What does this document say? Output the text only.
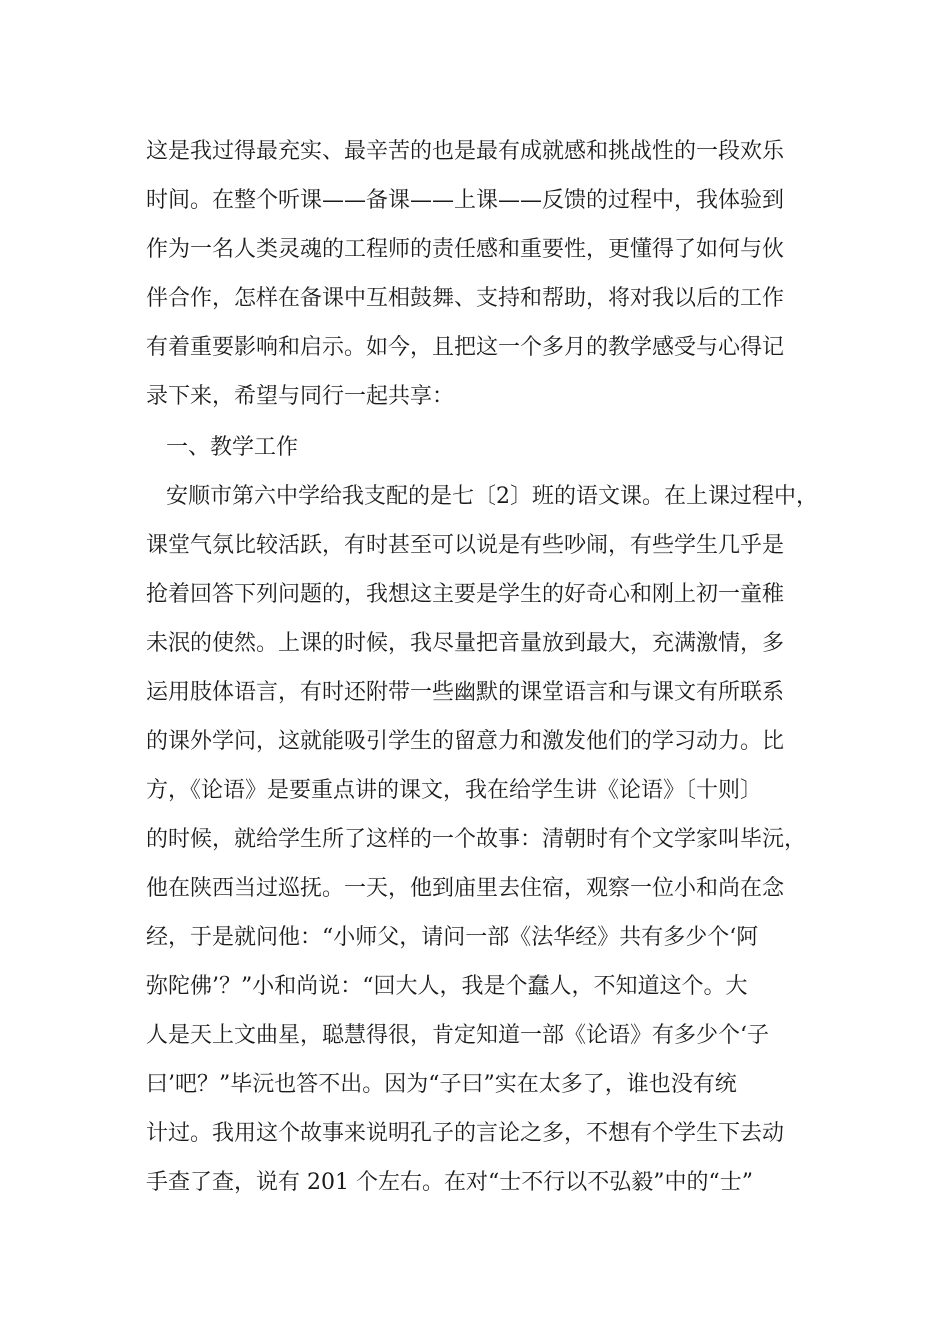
这是我过得最充实、最辛苦的也是最有成就感和挑战性的一段欢乐

时间。在整个听课——备课——上课——反馈的过程中，我体验到

作为一名人类灵魂的工程师的责任感和重要性，更懂得了如何与伙

伴合作，怎样在备课中互相鼓舞、支持和帮助，将对我以后的工作

有着重要影响和启示。如今，且把这一个多月的教学感受与心得记

录下来，希望与同行一起共享：

一、教学工作

安顺市第六中学给我支配的是七〔2〕班的语文课。在上课过程中，

课堂气氛比较活跃，有时甚至可以说是有些吵闹，有些学生几乎是

抢着回答下列问题的，我想这主要是学生的好奇心和刚上初一童稚

未泯的使然。上课的时候，我尽量把音量放到最大，充满激情，多

运用肢体语言，有时还附带一些幽默的课堂语言和与课文有所联系

的课外学问，这就能吸引学生的留意力和激发他们的学习动力。比

方，《论语》是要重点讲的课文，我在给学生讲《论语》〔十则〕

的时候，就给学生所了这样的一个故事：清朝时有个文学家叫毕沅，

他在陕西当过巡抚。一天，他到庙里去住宿，观察一位小和尚在念

经，于是就问他：“小师父，请问一部《法华经》共有多少个‘阿

弥陀佛’？”小和尚说：“回大人，我是个蠢人，不知道这个。大

人是天上文曲星，聪慧得很，肯定知道一部《论语》有多少个‘子

曰’吧？”毕沅也答不出。因为“子曰”实在太多了，谁也没有统

计过。我用这个故事来说明孔子的言论之多，不想有个学生下去动

手查了查，说有 201 个左右。在对“士不行以不弘毅”中的“士”
